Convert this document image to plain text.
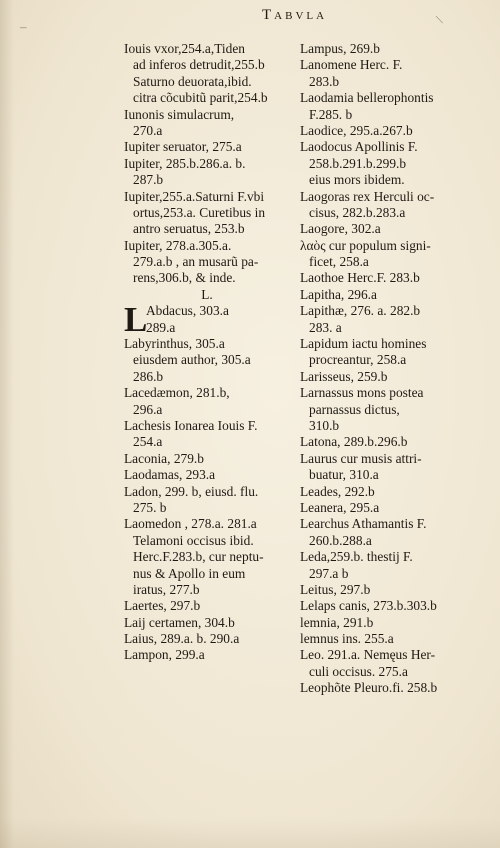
–
Tabvla	\
Iouis vxor,254.a,Tiden
ad inferos detrudit,255.b
Saturno deuorata,ibid.
citra cõcubitũ parit,254.b
Iunonis simulacrum,
270.a
Iupiter seruator, 275.a
Iupiter, 285.b.286.a. b.
287.b
Iupiter,255.a.Saturni F.vbi
ortus,253.a. Curetibus in
antro seruatus, 253.b
Iupiter, 278.a.305.a.
279.a.b , an musarũ pa-
rens,306.b, & inde.
L.
Abdacus, 303.a
289.a
Labyrinthus, 305.a
eiusdem author, 305.a
286.b
Lacedæmon, 281.b,
296.a
Lachesis Ionarea Iouis F.
254.a
Laconia, 279.b
Laodamas, 293.a
Ladon, 299. b, eiusd. flu.
275. b
Laomedon , 278.a. 281.a
Telamoni occisus ibid.
Herc.F.283.b, cur neptu-
nus & Apollo in eum
iratus, 277.b
Laertes, 297.b
Laij certamen, 304.b
Laius, 289.a. b. 290.a
Lampon, 299.a
L
Lampus, 269.b
Lanomene Herc. F.
283.b
Laodamia bellerophontis
F.285. b
Laodice, 295.a.267.b
Laodocus Apollinis F.
258.b.291.b.299.b
eius mors ibidem.
Laogoras rex Herculi oc-
cisus, 282.b.283.a
Laogore, 302.a
λαὸς cur populum signi-
ficet, 258.a
Laothoe Herc.F. 283.b
Lapitha, 296.a
Lapithæ, 276. a. 282.b
283. a
Lapidum iactu homines
procreantur, 258.a
Larisseus, 259.b
Larnassus mons postea
parnassus dictus,
310.b
Latona, 289.b.296.b
Laurus cur musis attri-
buatur, 310.a
Leades, 292.b
Leanera, 295.a
Learchus Athamantis F.
260.b.288.a
Leda,259.b. thestij F.
297.a b
Leitus, 297.b
Lelaps canis, 273.b.303.b
lemnia, 291.b
lemnus ins. 255.a
Leo. 291.a. Nemęus Her-
culi occisus. 275.a
Leophõte Pleuro.fi. 258.b
